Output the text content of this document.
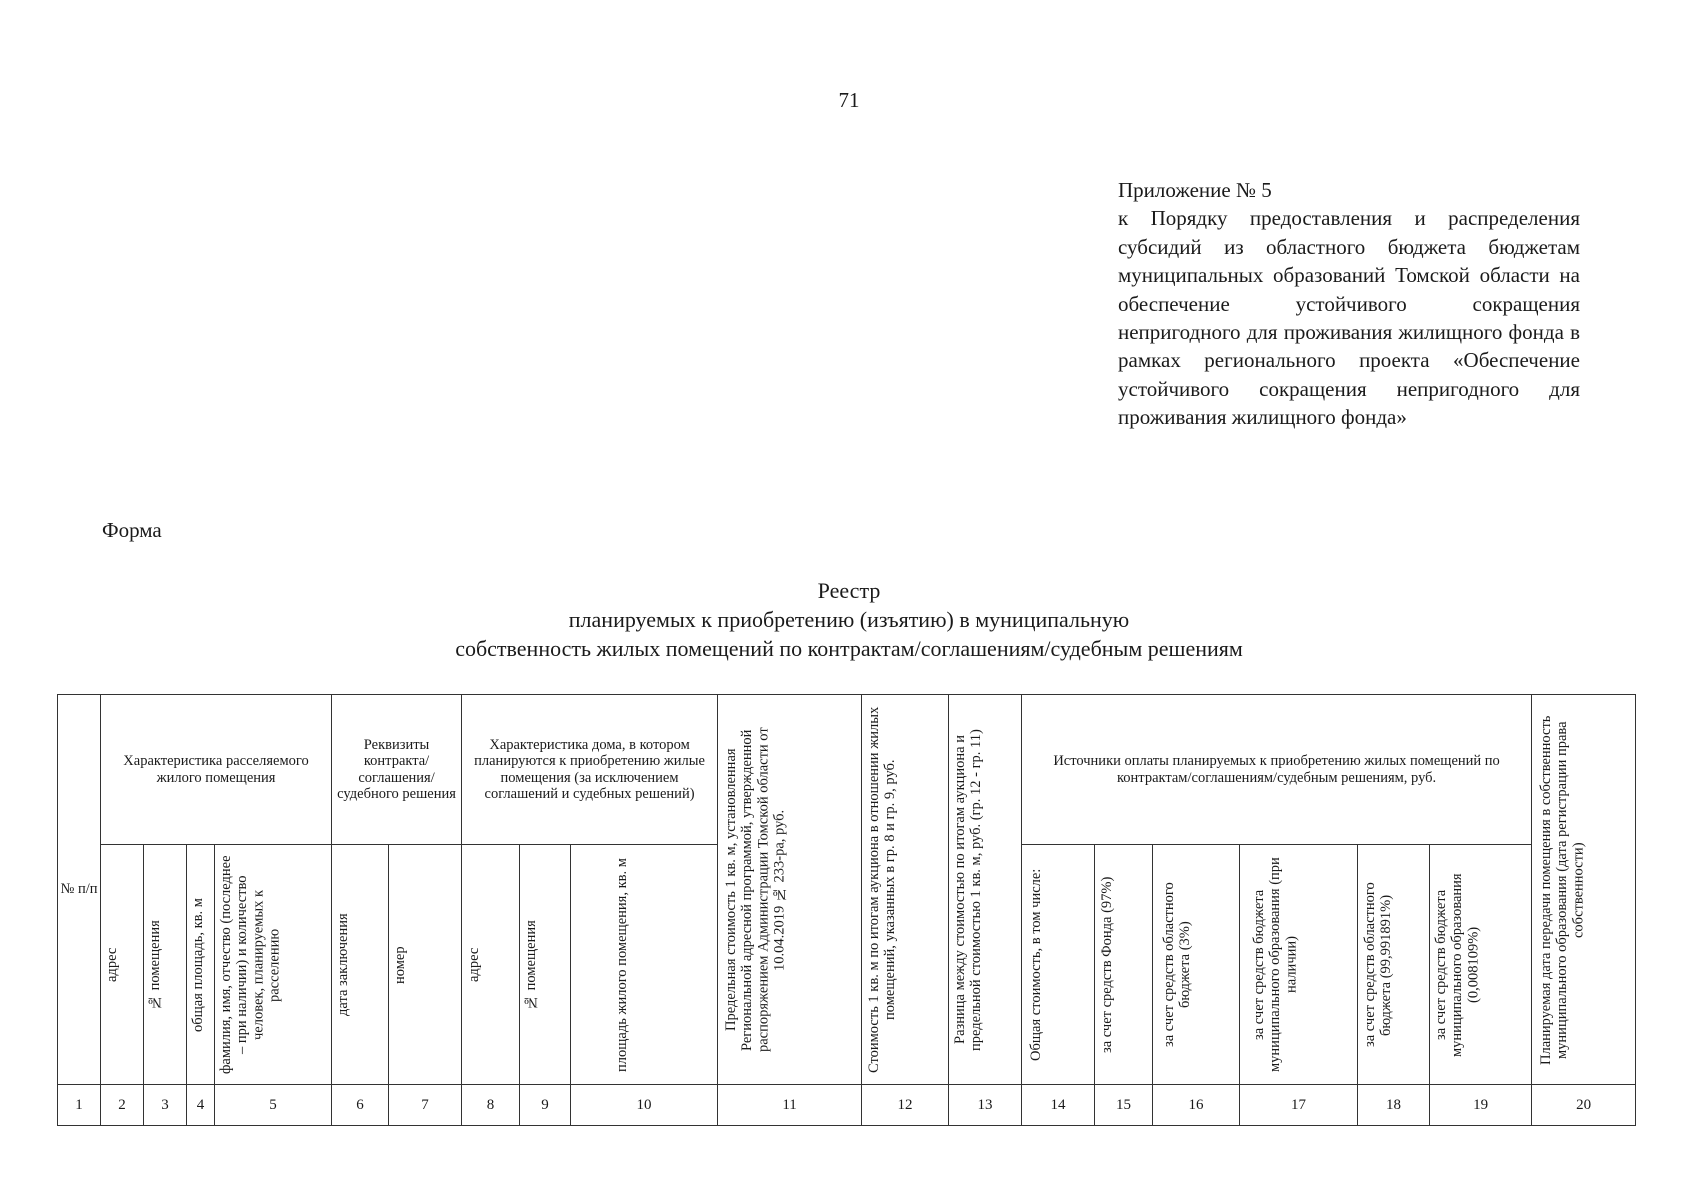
71
Приложение № 5
к Порядку предоставления и распределения субсидий из областного бюджета бюджетам муниципальных образований Томской области на обеспечение устойчивого сокращения непригодного для проживания жилищного фонда в рамках регионального проекта «Обеспечение устойчивого сокращения непригодного для проживания жилищного фонда»
Форма
Реестр
планируемых к приобретению (изъятию) в муниципальную
собственность жилых помещений по контрактам/соглашениям/судебным решениям
№ п/п	Характеристика расселяемого жилого помещения				Реквизиты контракта/ соглашения/ судебного решения		Характеристика дома, в котором планируются к приобретению жилые помещения (за исключением соглашений и судебных решений)			Предельная стоимость 1 кв. м, установленная Региональной адресной программой, утвержденной распоряжением Администрации Томской области от 10.04.2019 № 233-ра, руб.	Стоимость 1 кв. м по итогам аукциона в отношении жилых помещений, указанных в гр. 8 и гр. 9, руб.	Разница между стоимостью по итогам аукциона и предельной стоимостью 1 кв. м, руб. (гр. 12 - гр. 11)	Источники оплаты планируемых к приобретению жилых помещений по контрактам/соглашениям/судебным решениям, руб.						Планируемая дата передачи помещения в собственность муниципального образования (дата регистрации права собственности)

	адрес	№ помещения	общая площадь, кв. м	фамилия, имя, отчество (последнее – при наличии) и количество человек, планируемых к расселению	дата заключения	номер	адрес	№ помещения	площадь жилого помещения, кв. м				Общая стоимость, в том числе:	за счет средств Фонда (97%)	за счет средств областного бюджета (3%)	за счет средств бюджета муниципального образования (при наличии)	за счет средств областного бюджета (99,991891%)	за счет средств бюджета муниципального образования (0,008109%)	

1	2	3	4	5	6	7	8	9	10	11	12	13	14	15	16	17	18	19	20
